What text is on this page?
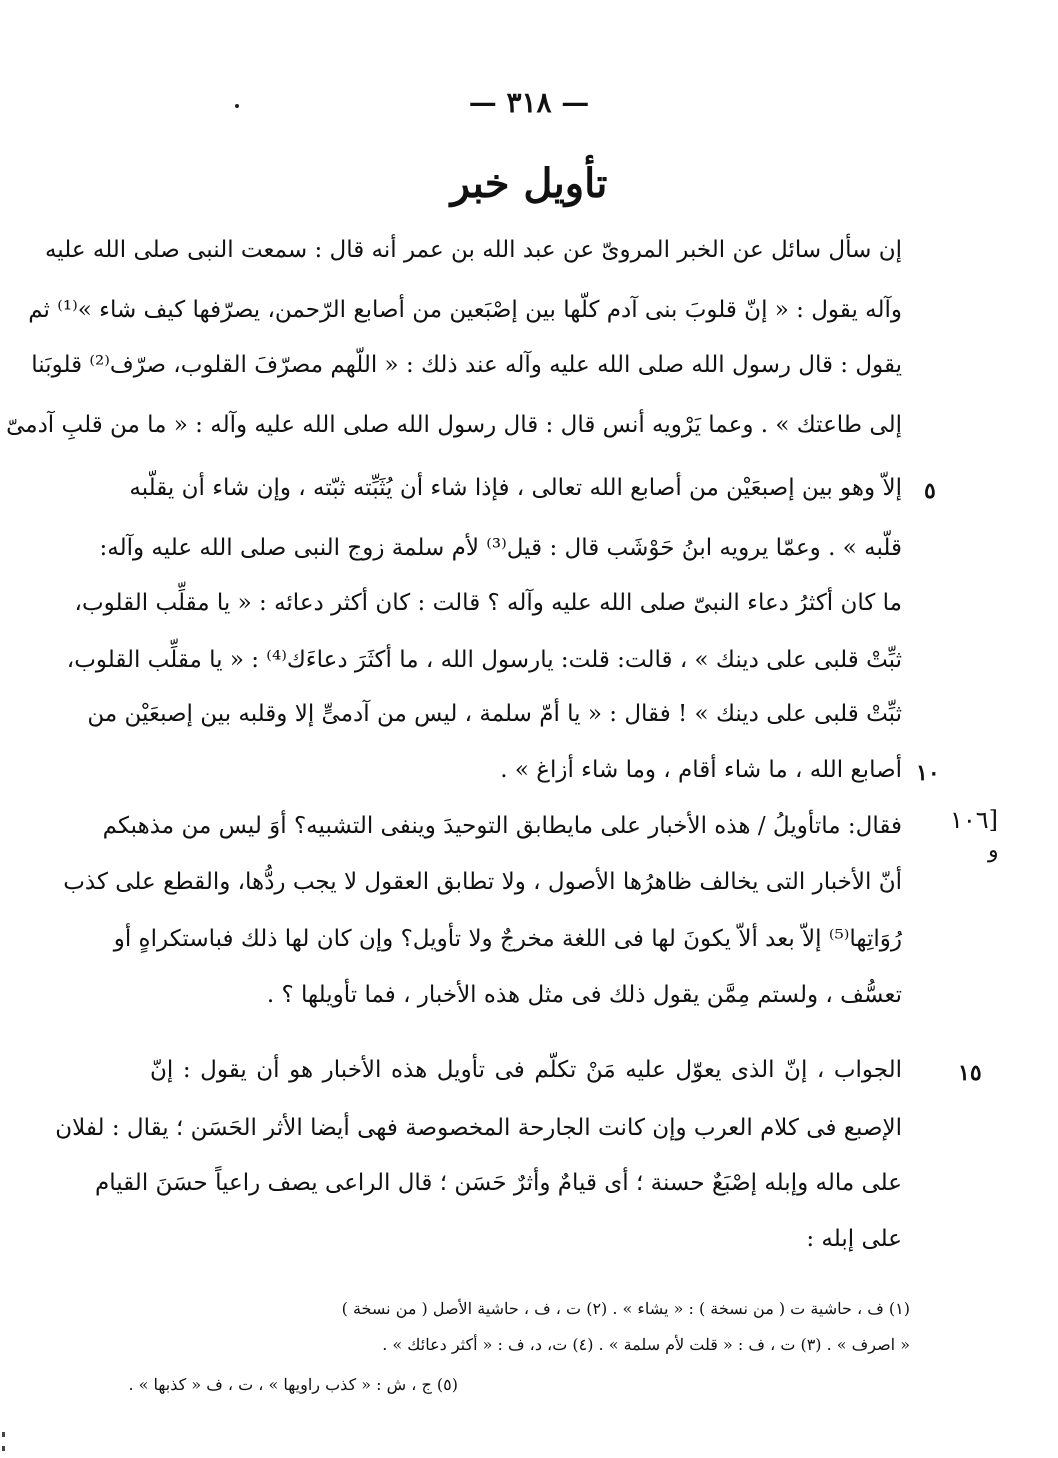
— ٣١٨ —
تأويل خبر
إن سأل سائل عن الخبر المروىّ عن عبد الله بن عمر أنه قال : سمعت النبى صلى الله عليه
وآله يقول : « إنّ قلوبَ بنى آدم كلّها بين إصْبَعين من أصابع الرّحمن، يصرّفها كيف شاء »⁽¹⁾ ثم
يقول : قال رسول الله صلى الله عليه وآله عند ذلك : « اللّهم مصرّفَ القلوب، صرّف⁽²⁾ قلوبَنا
إلى طاعتك » . وعما يَرْويه أنس قال : قال رسول الله صلى الله عليه وآله : « ما من قلبِ آدمىّ
إلاّ وهو بين إصبعَيْن من أصابع الله تعالى ، فإذا شاء أن يُثَبِّته ثبّته ، وإن شاء أن يقلّبه
قلّبه » . وعمّا يرويه ابنُ حَوْشَب قال : قيل⁽³⁾ لأم سلمة زوج النبى صلى الله عليه وآله:
ما كان أكثرُ دعاء النبىّ صلى الله عليه وآله ؟ قالت : كان أكثر دعائه : « يا مقلِّب القلوب،
ثبِّتْ قلبى على دينك » ، قالت: قلت: يارسول الله ، ما أكثَرَ دعاءَك⁽⁴⁾ : « يا مقلِّب القلوب،
ثبِّتْ قلبى على دينك » ! فقال : « يا أمّ سلمة ، ليس من آدمىٍّ إلا وقلبه بين إصبعَيْن من
أصابع الله ، ما شاء أقام ، وما شاء أزاغ » .
فقال: ماتأويلُ / هذه الأخبار على مايطابق التوحيدَ وينفى التشبيه؟ أوَ ليس من مذهبكم
أنّ الأخبار التى يخالف ظاهرُها الأصول ، ولا تطابق العقول لا يجب ردُّها، والقطع على كذب
رُوَاتِها⁽⁵⁾ إلاّ بعد ألاّ يكونَ لها فى اللغة مخرجٌ ولا تأويل؟ وإن كان لها ذلك فباستكراهٍ أو
تعسُّف ، ولستم مِمَّن يقول ذلك فى مثل هذه الأخبار ، فما تأويلها ؟ .
الجواب ، إنّ الذى يعوّل عليه مَنْ تكلّم فى تأويل هذه الأخبار هو أن يقول : إنّ
الإصبع فى كلام العرب وإن كانت الجارحة المخصوصة فهى أيضا الأثر الحَسَن ؛ يقال : لفلان
على ماله وإبله إصْبَعٌ حسنة ؛ أى قيامٌ وأثرٌ حَسَن ؛ قال الراعى يصف راعياً حسَنَ القيام
على إبله :
٥
١٠
[١٠٦
و
١٥
(١) ف ، حاشية ت ( من نسخة ) : « يشاء » . (٢) ت ، ف ، حاشية الأصل ( من نسخة )
« اصرف » . (٣) ت ، ف : « قلت لأم سلمة » . (٤) ت، د، ف : « أكثر دعائك » .
(٥) ج ، ش : « كذب راويها » ، ت ، ف « كذبها » .
